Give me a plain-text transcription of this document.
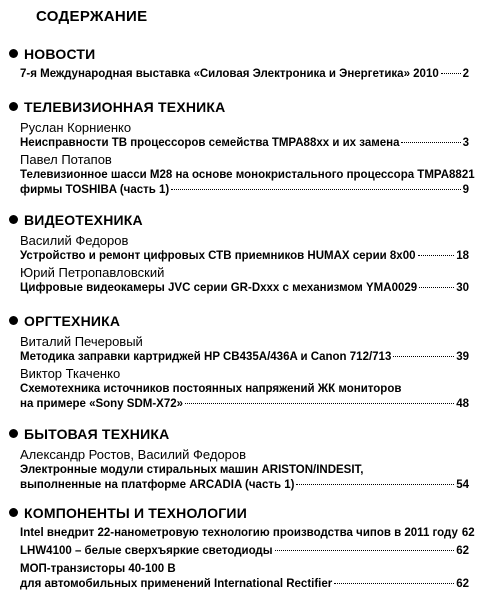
СОДЕРЖАНИЕ
НОВОСТИ
7-я Международная выставка «Силовая Электроника и Энергетика» 2010 2
ТЕЛЕВИЗИОННАЯ ТЕХНИКА
Руслан Корниенко
Неисправности ТВ процессоров семейства TMPA88xx и их замена	3
Павел Потапов
Телевизионное шасси М28 на основе монокристального процессора TMPA8821
фирмы TOSHIBA (часть 1)	9
ВИДЕОТЕХНИКА
Василий Федоров
Устройство и ремонт цифровых СТВ приемников HUMAX серии 8х00	18
Юрий Петропавловский
Цифровые видеокамеры JVC серии GR-Dxxx с механизмом YMA0029	30
ОРГТЕХНИКА
Виталий Печеровый
Методика заправки картриджей HP CB435A/436A и Canon 712/713	39
Виктор Ткаченко
Схемотехника источников постоянных напряжений ЖК мониторов
на примере «Sony SDM-X72»	48
БЫТОВАЯ ТЕХНИКА
Александр Ростов, Василий Федоров
Электронные модули стиральных машин ARISTON/INDESIT,
выполненные на платформе ARCADIA (часть 1)	54
КОМПОНЕНТЫ И ТЕХНОЛОГИИ
Intel внедрит 22-нанометровую технологию производства чипов в 2011 году 62
LHW4100 – белые сверхъяркие светодиоды	62
МОП-транзисторы 40-100 В
для автомобильных применений International Rectifier	62
